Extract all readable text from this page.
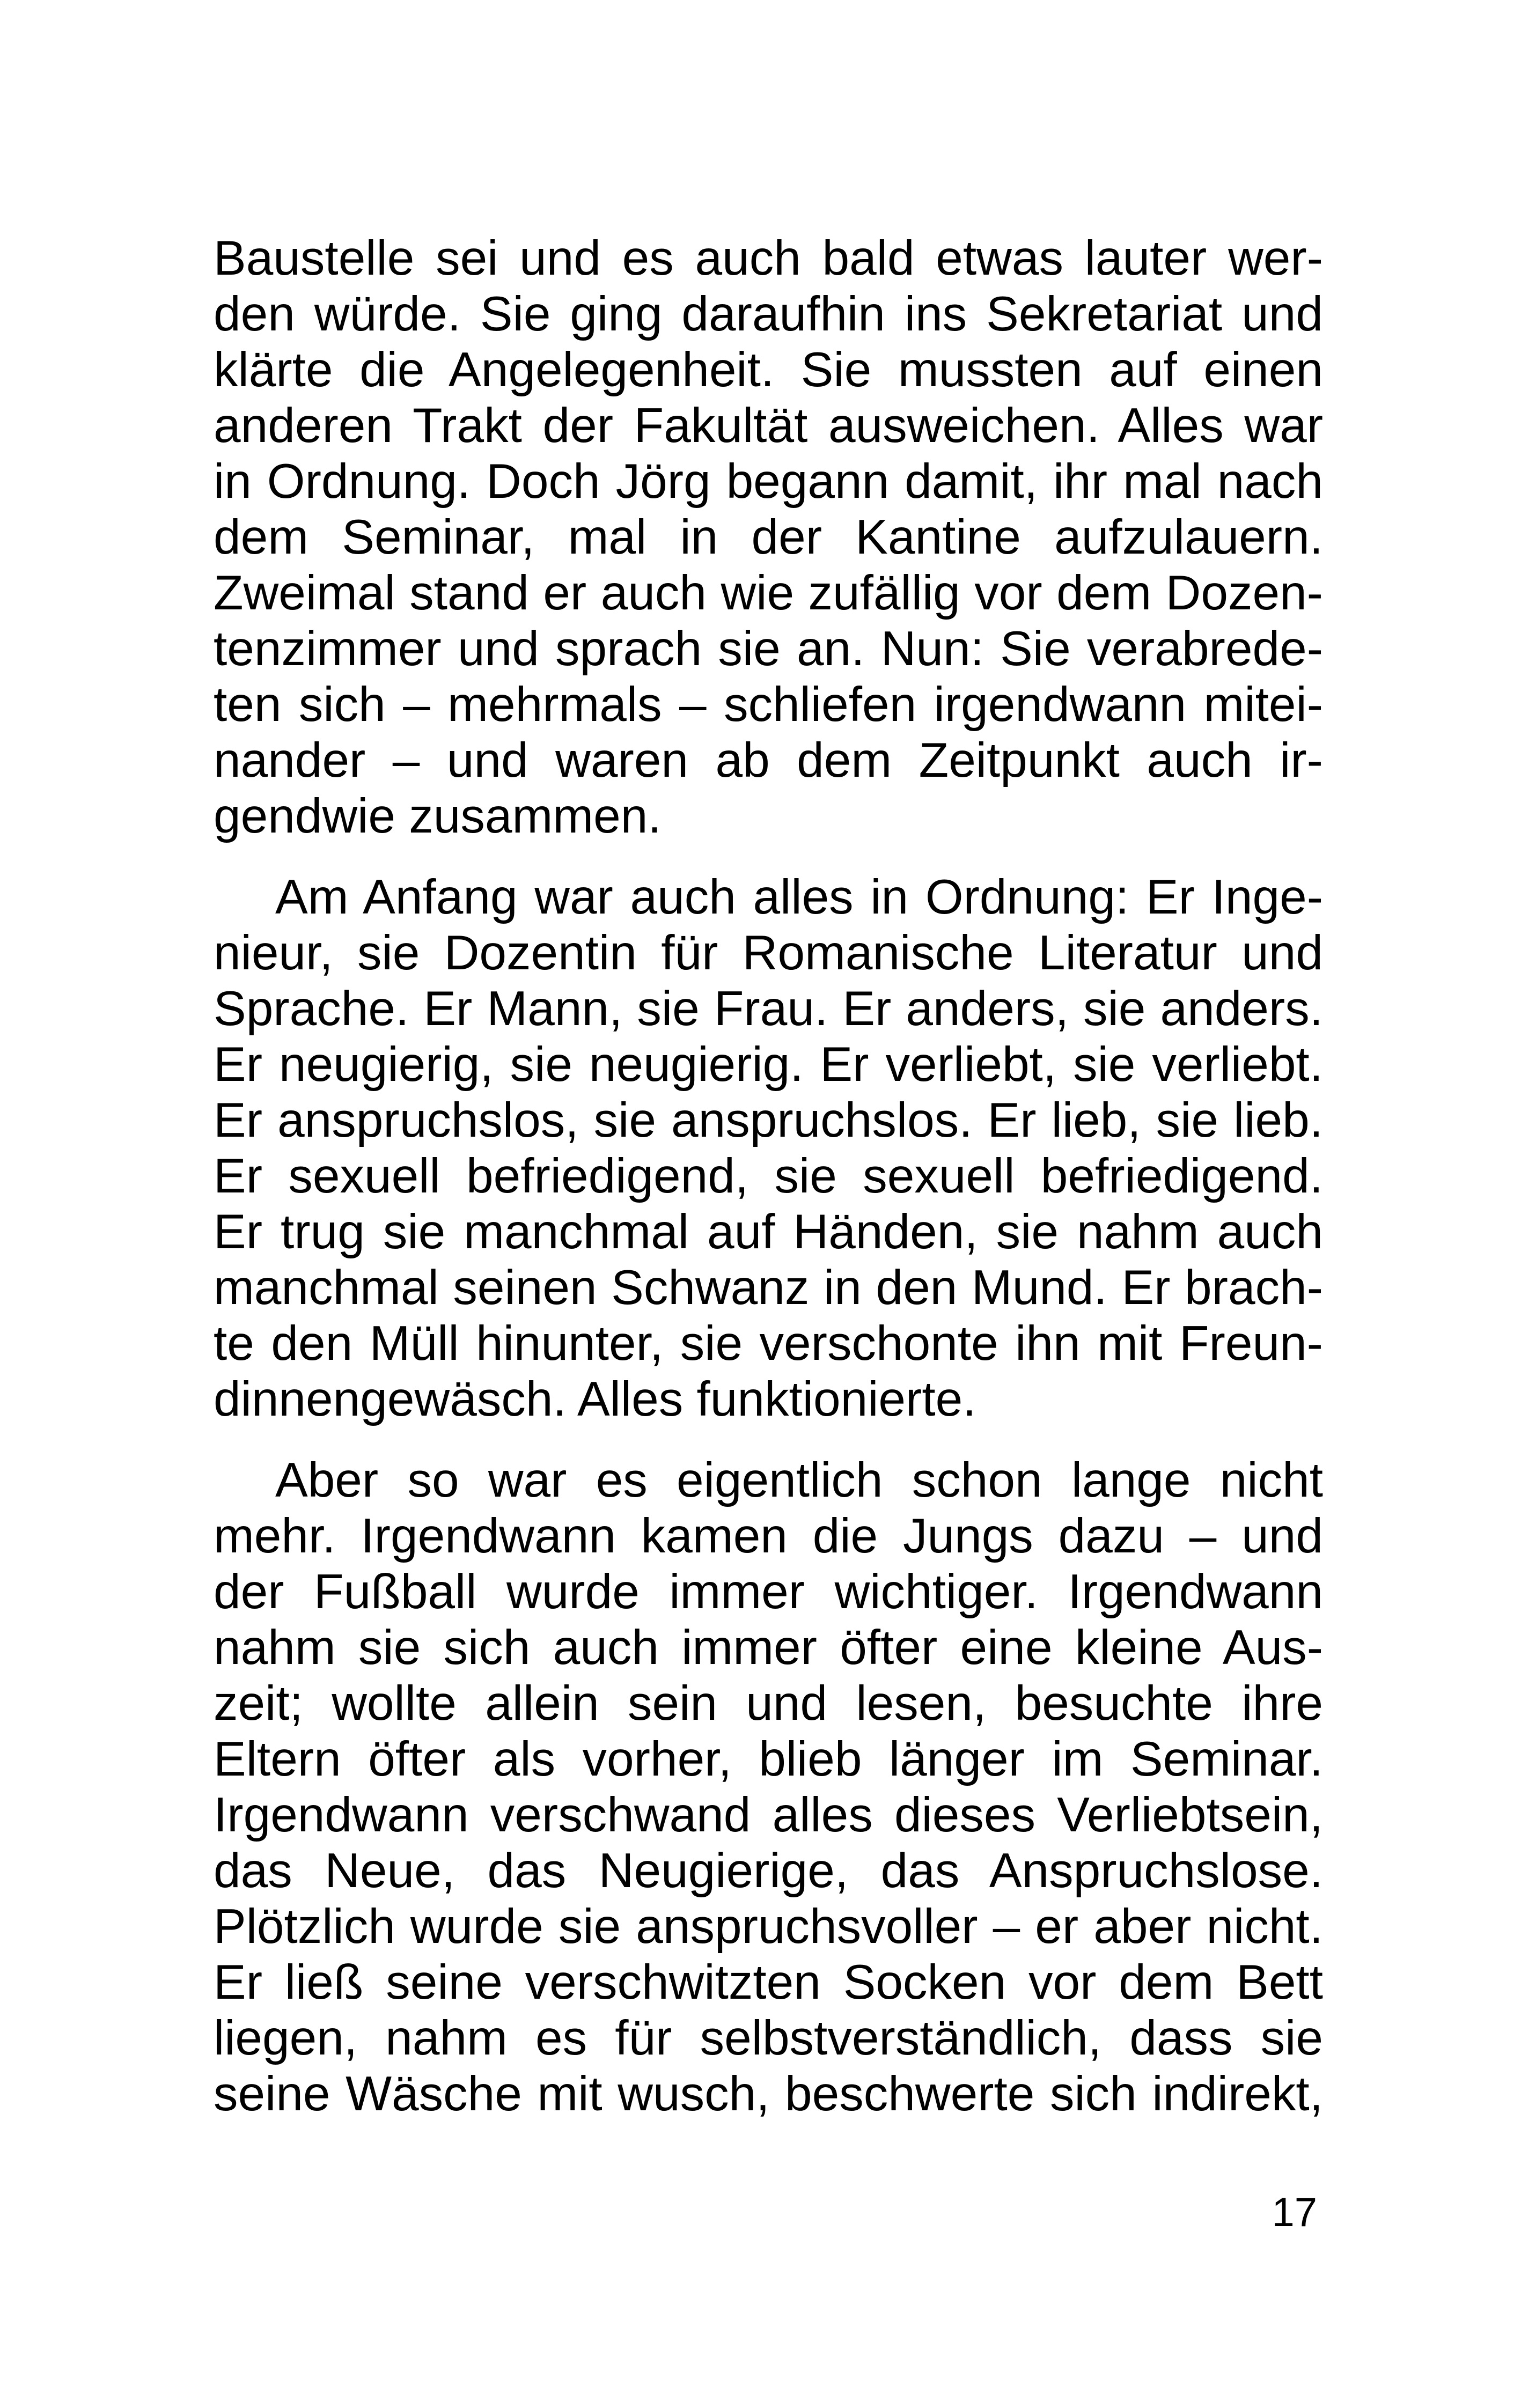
Baustelle sei und es auch bald etwas lauter wer-
den würde. Sie ging daraufhin ins Sekretariat und
klärte die Angelegenheit. Sie mussten auf einen
anderen Trakt der Fakultät ausweichen. Alles war
in Ordnung. Doch Jörg begann damit, ihr mal nach
dem Seminar, mal in der Kantine aufzulauern.
Zweimal stand er auch wie zufällig vor dem Dozen-
tenzimmer und sprach sie an. Nun: Sie verabrede-
ten sich – mehrmals – schliefen irgendwann mitei-
nander – und waren ab dem Zeitpunkt auch ir-
gendwie zusammen.

Am Anfang war auch alles in Ordnung: Er Inge-
nieur, sie Dozentin für Romanische Literatur und
Sprache. Er Mann, sie Frau. Er anders, sie anders.
Er neugierig, sie neugierig. Er verliebt, sie verliebt.
Er anspruchslos, sie anspruchslos. Er lieb, sie lieb.
Er sexuell befriedigend, sie sexuell befriedigend.
Er trug sie manchmal auf Händen, sie nahm auch
manchmal seinen Schwanz in den Mund. Er brach-
te den Müll hinunter, sie verschonte ihn mit Freun-
dinnengewäsch. Alles funktionierte.

Aber so war es eigentlich schon lange nicht
mehr. Irgendwann kamen die Jungs dazu – und
der Fußball wurde immer wichtiger. Irgendwann
nahm sie sich auch immer öfter eine kleine Aus-
zeit; wollte allein sein und lesen, besuchte ihre
Eltern öfter als vorher, blieb länger im Seminar.
Irgendwann verschwand alles dieses Verliebtsein,
das Neue, das Neugierige, das Anspruchslose.
Plötzlich wurde sie anspruchsvoller – er aber nicht.
Er ließ seine verschwitzten Socken vor dem Bett
liegen, nahm es für selbstverständlich, dass sie
seine Wäsche mit wusch, beschwerte sich indirekt,

17
